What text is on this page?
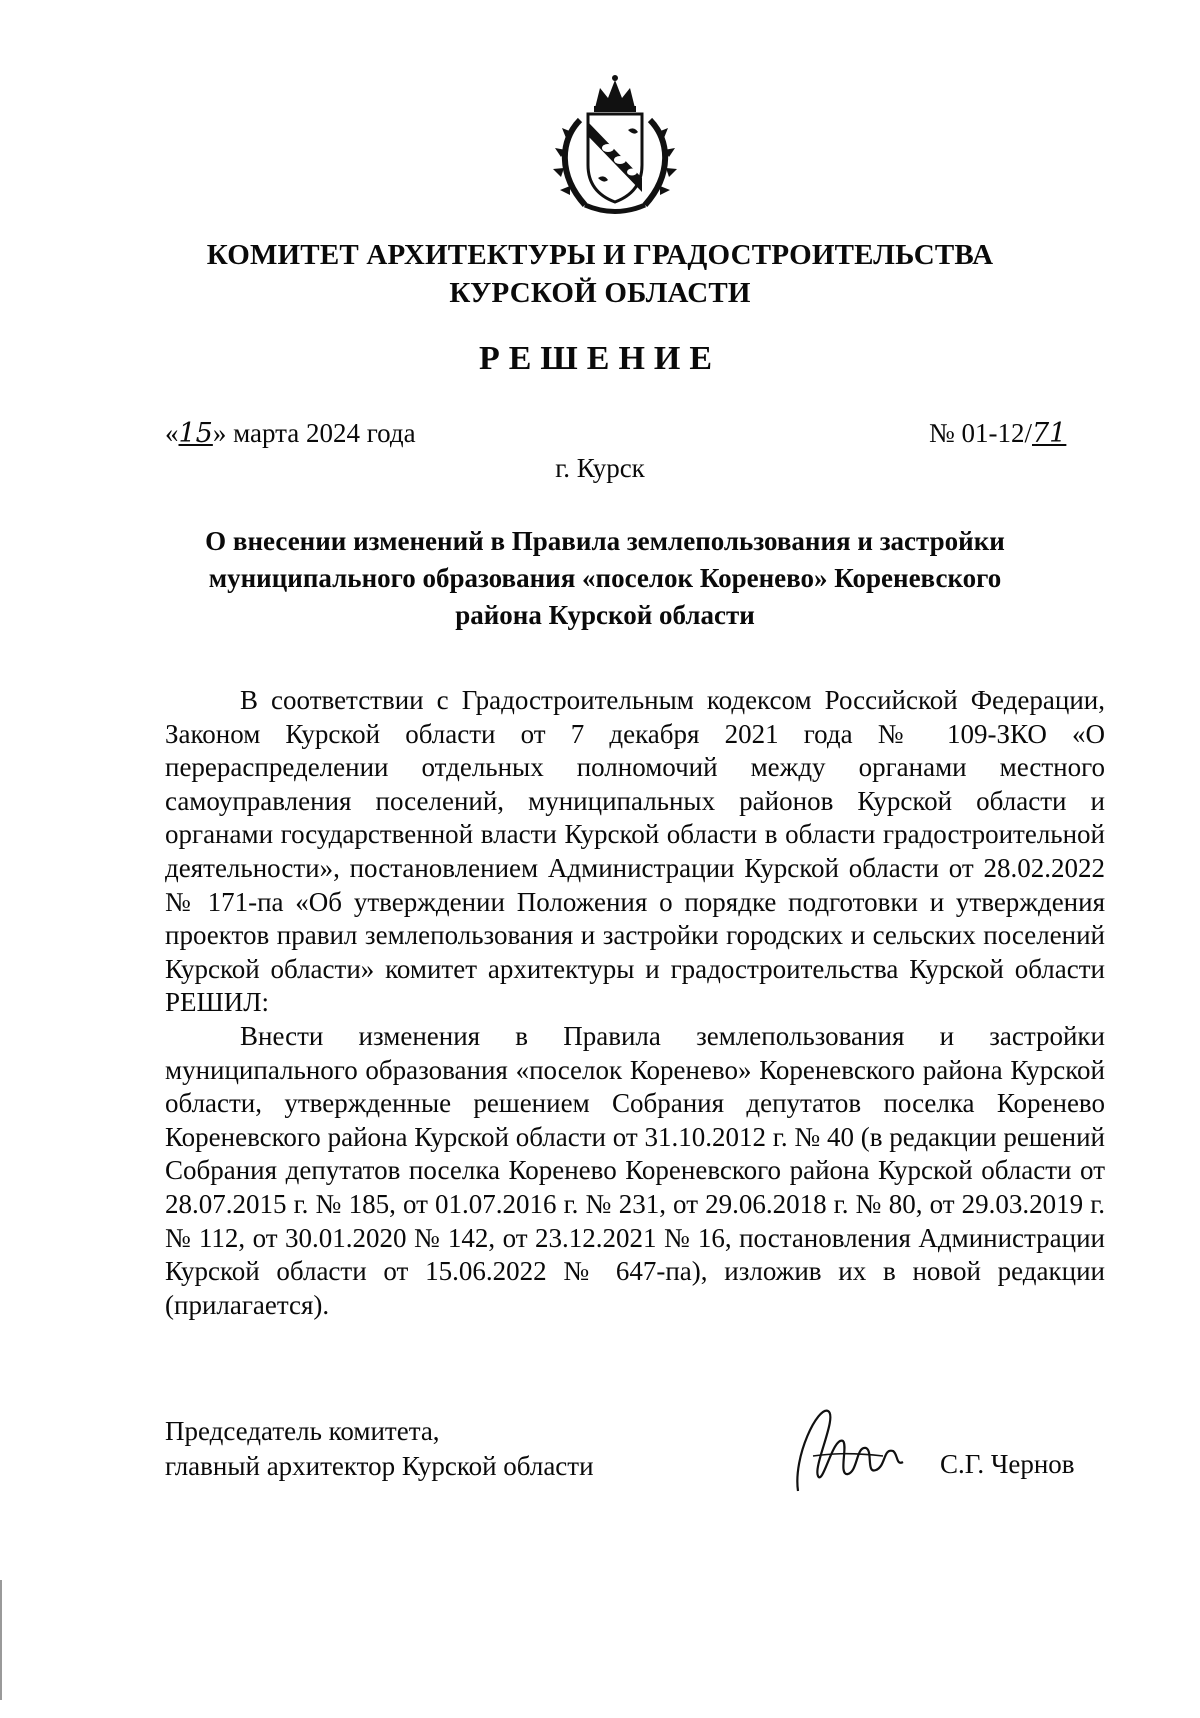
КОМИТЕТ АРХИТЕКТУРЫ И ГРАДОСТРОИТЕЛЬСТВА
КУРСКОЙ ОБЛАСТИ
РЕШЕНИЕ
«15» марта 2024 года	№ 01-12/71
г. Курск
О внесении изменений в Правила землепользования и застройки
муниципального образования «поселок Коренево» Кореневского
района Курской области

В соответствии с Градостроительным кодексом Российской Федерации, Законом Курской области от 7 декабря 2021 года № 109-ЗКО «О перераспределении отдельных полномочий между органами местного самоуправления поселений, муниципальных районов Курской области и органами государственной власти Курской области в области градостроительной деятельности», постановлением Администрации Курской области от 28.02.2022 № 171-па «Об утверждении Положения о порядке подготовки и утверждения проектов правил землепользования и застройки городских и сельских поселений Курской области» комитет архитектуры и градостроительства Курской области РЕШИЛ:

Внести изменения в Правила землепользования и застройки муниципального образования «поселок Коренево» Кореневского района Курской области, утвержденные решением Собрания депутатов поселка Коренево Кореневского района Курской области от 31.10.2012 г. № 40 (в редакции решений Собрания депутатов поселка Коренево Кореневского района Курской области от 28.07.2015 г. № 185, от 01.07.2016 г. № 231, от 29.06.2018 г. № 80, от 29.03.2019 г. № 112, от 30.01.2020 № 142, от 23.12.2021 № 16, постановления Администрации Курской области от 15.06.2022 № 647-па), изложив их в новой редакции (прилагается).

Председатель комитета,
главный архитектор Курской области	С.Г. Чернов
